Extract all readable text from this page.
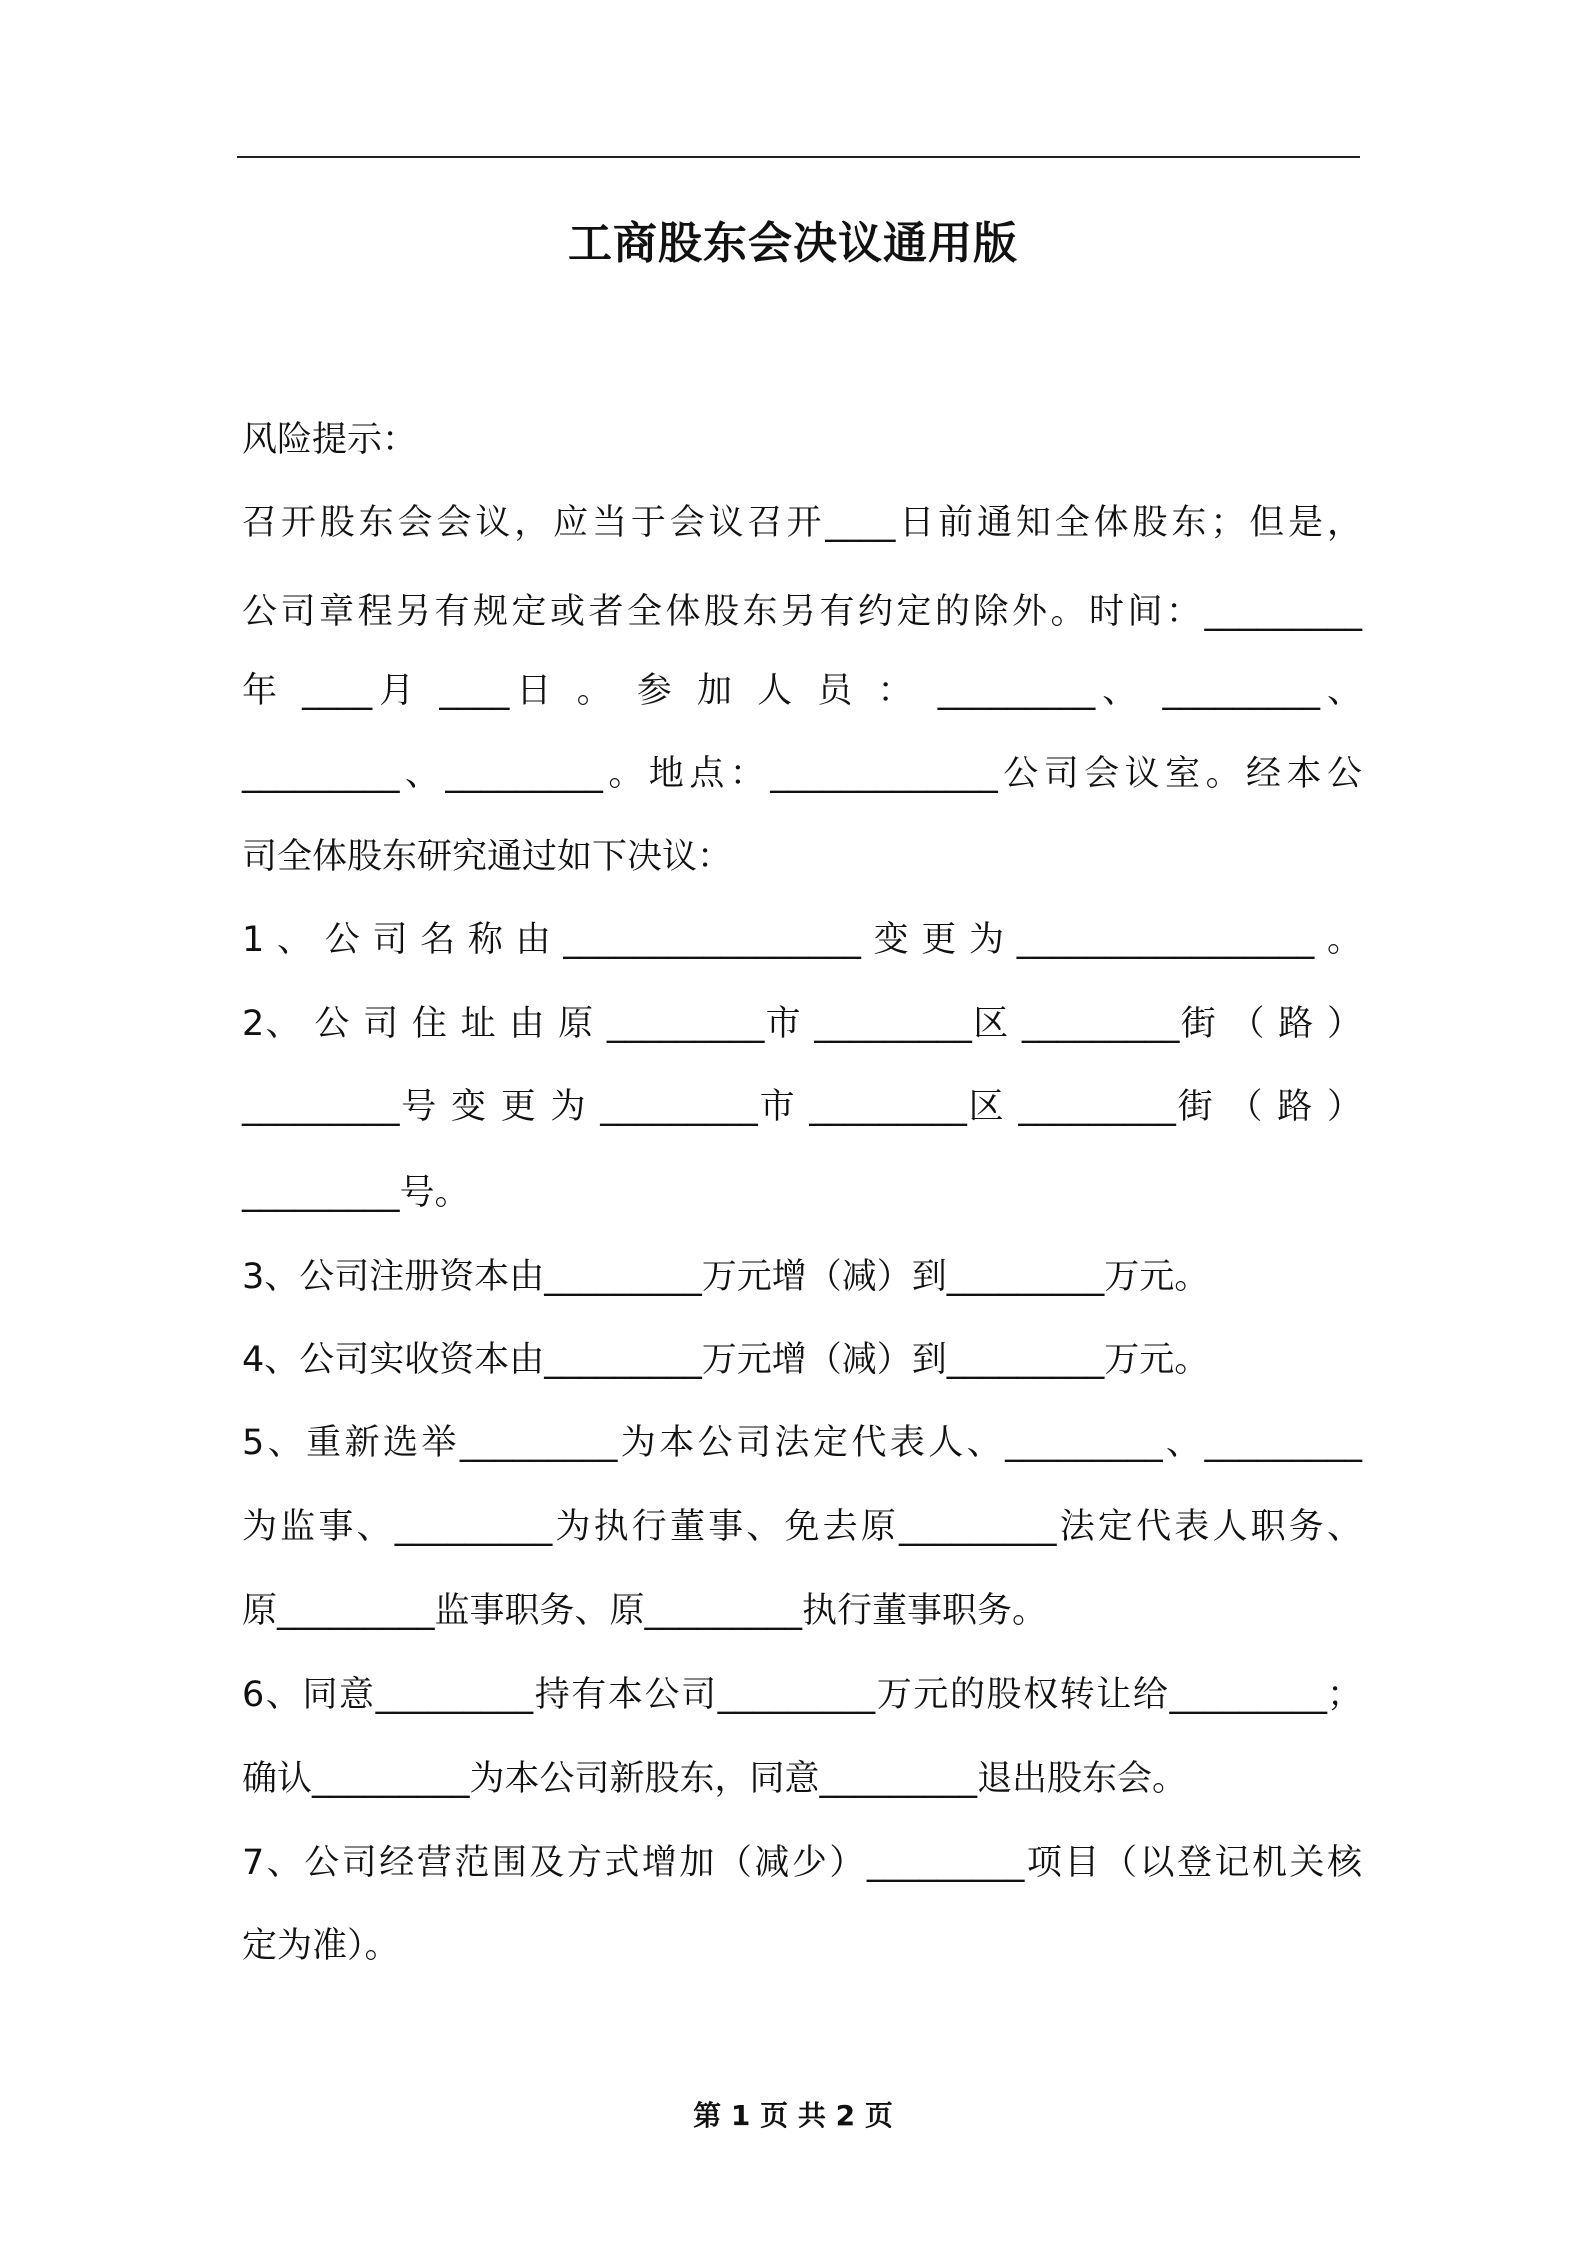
工商股东会决议通用版
风险提示：
召开股东会会议，应当于会议召开____日前通知全体股东；但是，
公司章程另有规定或者全体股东另有约定的除外。时间：_________
年 ____月 ____日 。 参 加 人 员 ： _________、 _________、
_________、_________。地点：_____________公司会议室。经本公
司全体股东研究通过如下决议：
1、公司名称由_________________变更为_________________。
2、 公 司 住 址 由 原 _________市 _________区 _________街 （ 路 ）
_________号 变 更 为 _________市 _________区 _________街 （ 路 ）
_________号。
3、公司注册资本由_________万元增（减）到_________万元。
4、公司实收资本由_________万元增（减）到_________万元。
5、重新选举_________为本公司法定代表人、_________、_________
为监事、_________为执行董事、免去原_________法定代表人职务、
原_________监事职务、原_________执行董事职务。
6、同意_________持有本公司_________万元的股权转让给_________；
确认_________为本公司新股东，同意_________退出股东会。
7、公司经营范围及方式增加（减少）_________项目（以登记机关核
定为准）。
第 1 页 共 2 页
